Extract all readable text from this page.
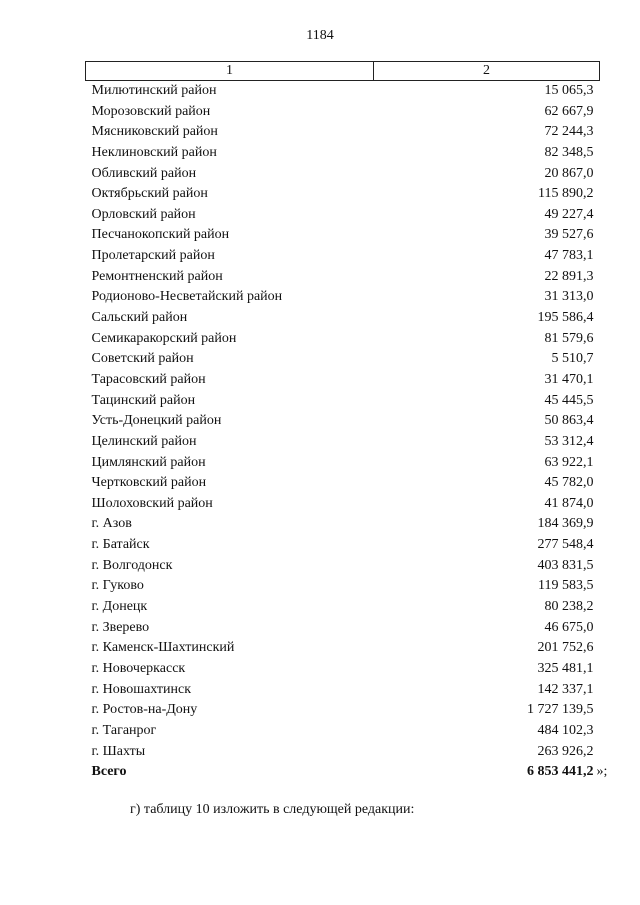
1184
1	2
Милютинский район	15 065,3
Морозовский район	62 667,9
Мясниковский район	72 244,3
Неклиновский район	82 348,5
Обливский район	20 867,0
Октябрьский район	115 890,2
Орловский район	49 227,4
Песчанокопский район	39 527,6
Пролетарский район	47 783,1
Ремонтненский район	22 891,3
Родионово-Несветайский район	31 313,0
Сальский район	195 586,4
Семикаракорский район	81 579,6
Советский район	5 510,7
Тарасовский район	31 470,1
Тацинский район	45 445,5
Усть-Донецкий район	50 863,4
Целинский район	53 312,4
Цимлянский район	63 922,1
Чертковский район	45 782,0
Шолоховский район	41 874,0
г. Азов	184 369,9
г. Батайск	277 548,4
г. Волгодонск	403 831,5
г. Гуково	119 583,5
г. Донецк	80 238,2
г. Зверево	46 675,0
г. Каменск-Шахтинский	201 752,6
г. Новочеркасск	325 481,1
г. Новошахтинск	142 337,1
г. Ростов-на-Дону	1 727 139,5
г. Таганрог	484 102,3
г. Шахты	263 926,2
Всего	6 853 441,2 »;
г) таблицу 10 изложить в следующей редакции:
